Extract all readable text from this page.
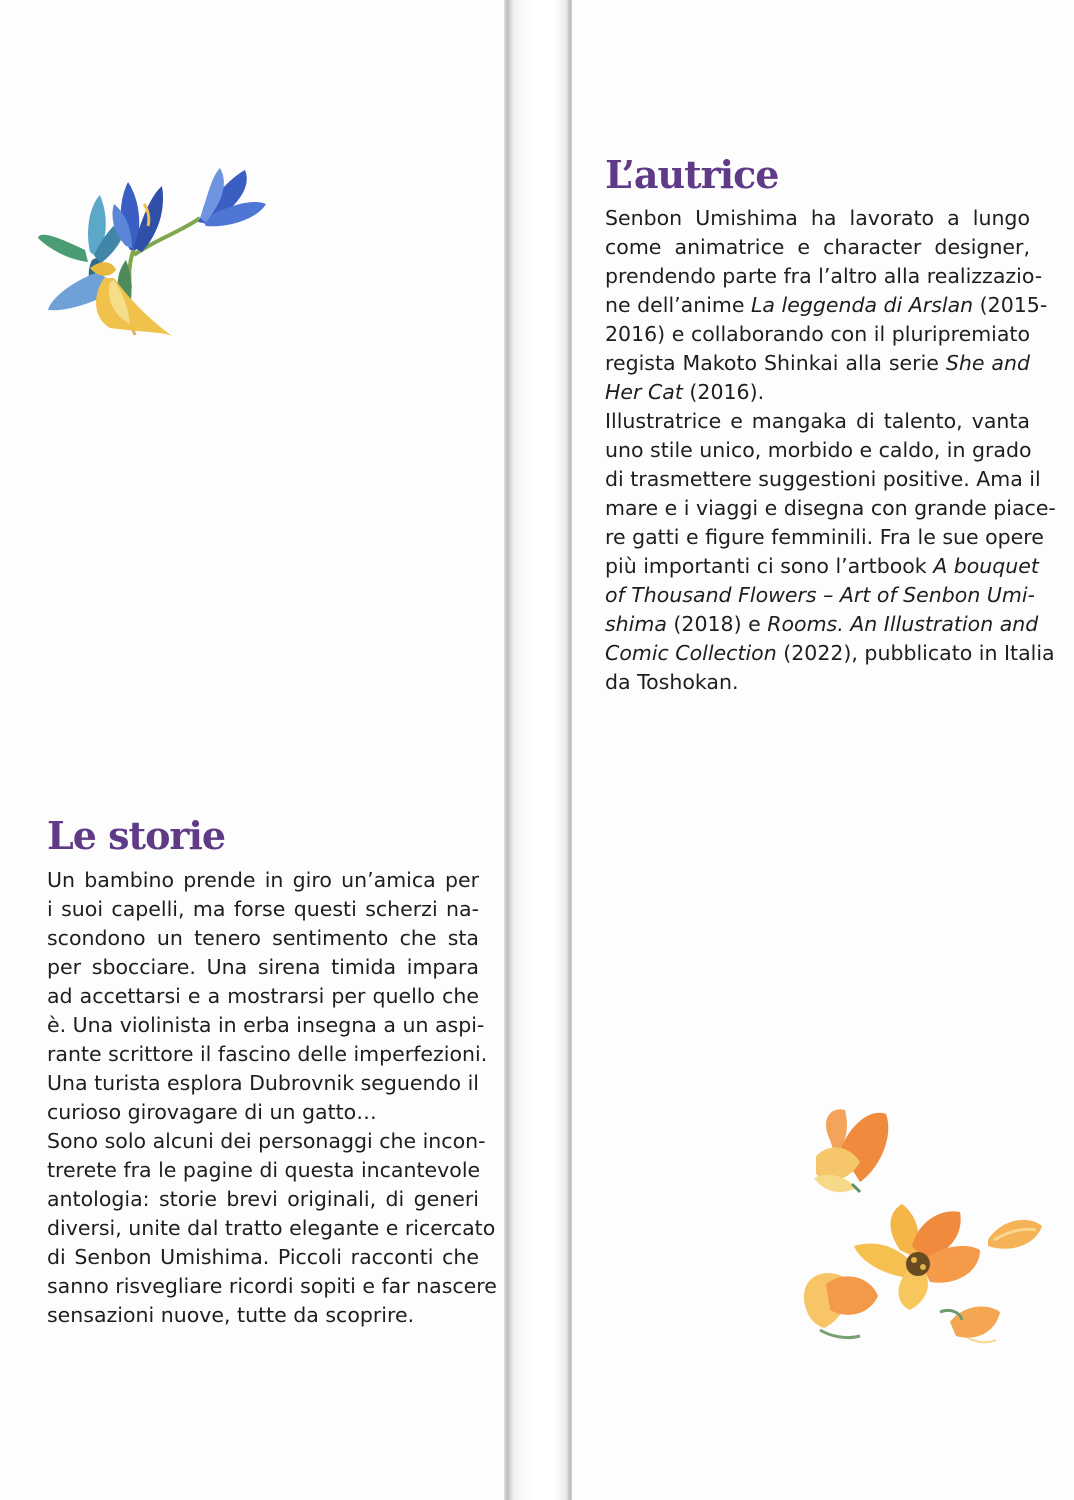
Le storie

Un bambino prende in giro un’amica per
i suoi capelli, ma forse questi scherzi na-
scondono un tenero sentimento che sta
per sbocciare. Una sirena timida impara
ad accettarsi e a mostrarsi per quello che
è. Una violinista in erba insegna a un aspi-
rante scrittore il fascino delle imperfezioni.
Una turista esplora Dubrovnik seguendo il
curioso girovagare di un gatto…
Sono solo alcuni dei personaggi che incon-
trerete fra le pagine di questa incantevole
antologia: storie brevi originali, di generi
diversi, unite dal tratto elegante e ricercato
di Senbon Umishima. Piccoli racconti che
sanno risvegliare ricordi sopiti e far nascere
sensazioni nuove, tutte da scoprire.

L’autrice

Senbon Umishima ha lavorato a lungo
come animatrice e character designer,
prendendo parte fra l’altro alla realizzazio-
ne dell’anime La leggenda di Arslan (2015-
2016) e collaborando con il pluripremiato
regista Makoto Shinkai alla serie She and
Her Cat (2016).
Illustratrice e mangaka di talento, vanta
uno stile unico, morbido e caldo, in grado
di trasmettere suggestioni positive. Ama il
mare e i viaggi e disegna con grande piace-
re gatti e figure femminili. Fra le sue opere
più importanti ci sono l’artbook A bouquet
of Thousand Flowers – Art of Senbon Umi-
shima (2018) e Rooms. An Illustration and
Comic Collection (2022), pubblicato in Italia
da Toshokan.
